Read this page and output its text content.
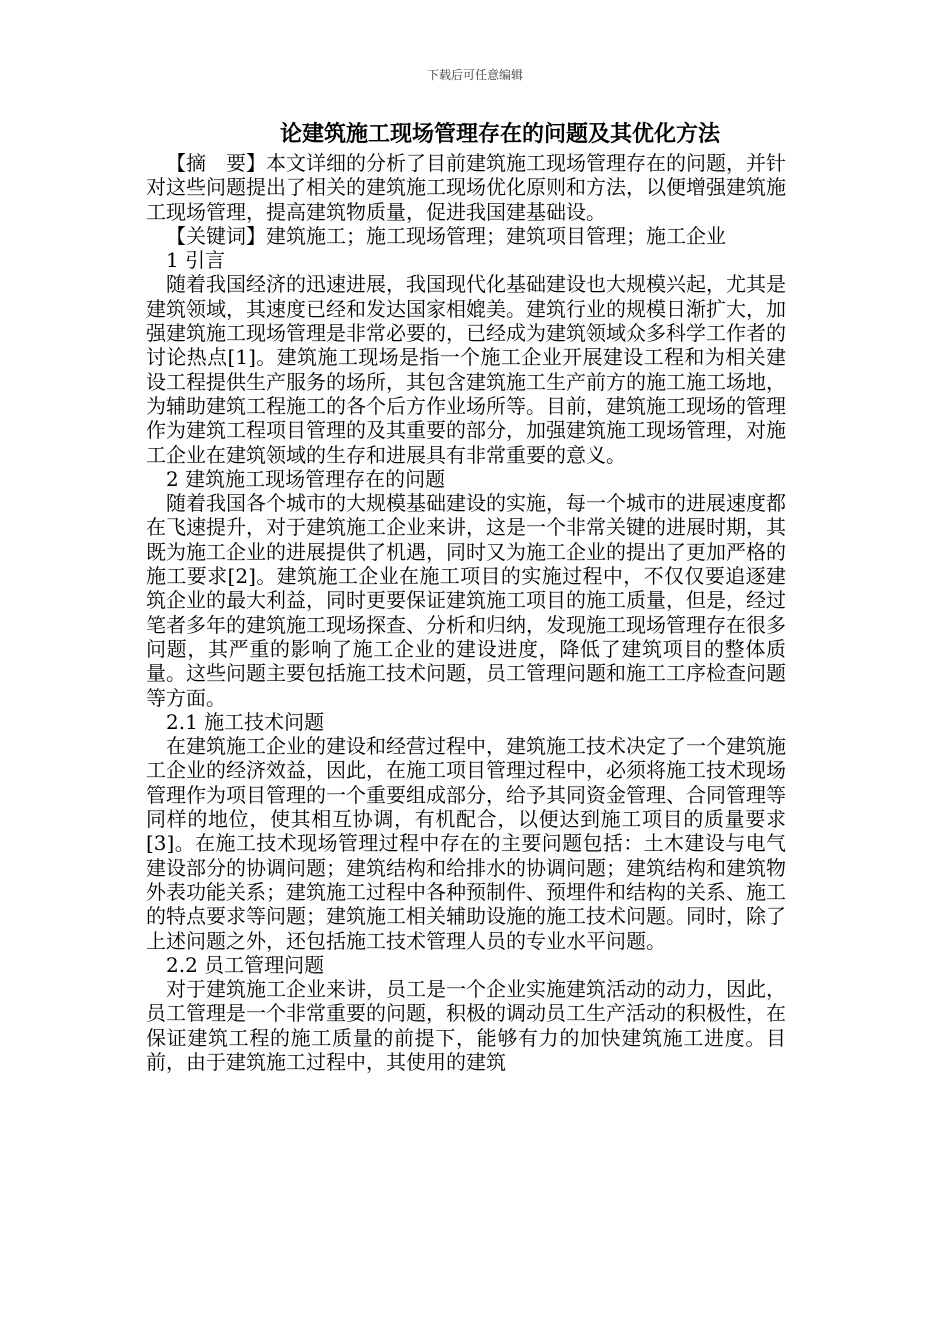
下载后可任意编辑
论建筑施工现场管理存在的问题及其优化方法

【摘　要】本文详细的分析了目前建筑施工现场管理存在的问题，并针对这些问题提出了相关的建筑施工现场优化原则和方法，以便增强建筑施工现场管理，提高建筑物质量，促进我国建基础设。

【关键词】建筑施工；施工现场管理；建筑项目管理；施工企业

1 引言

随着我国经济的迅速进展，我国现代化基础建设也大规模兴起，尤其是建筑领域，其速度已经和发达国家相媲美。建筑行业的规模日渐扩大，加强建筑施工现场管理是非常必要的，已经成为建筑领域众多科学工作者的讨论热点[1]。建筑施工现场是指一个施工企业开展建设工程和为相关建设工程提供生产服务的场所，其包含建筑施工生产前方的施工施工场地，为辅助建筑工程施工的各个后方作业场所等。目前，建筑施工现场的管理作为建筑工程项目管理的及其重要的部分，加强建筑施工现场管理，对施工企业在建筑领域的生存和进展具有非常重要的意义。

2 建筑施工现场管理存在的问题

随着我国各个城市的大规模基础建设的实施，每一个城市的进展速度都在飞速提升，对于建筑施工企业来讲，这是一个非常关键的进展时期，其既为施工企业的进展提供了机遇，同时又为施工企业的提出了更加严格的施工要求[2]。建筑施工企业在施工项目的实施过程中，不仅仅要追逐建筑企业的最大利益，同时更要保证建筑施工项目的施工质量，但是，经过笔者多年的建筑施工现场探查、分析和归纳，发现施工现场管理存在很多问题，其严重的影响了施工企业的建设进度，降低了建筑项目的整体质量。这些问题主要包括施工技术问题，员工管理问题和施工工序检查问题等方面。

2.1 施工技术问题

在建筑施工企业的建设和经营过程中，建筑施工技术决定了一个建筑施工企业的经济效益，因此，在施工项目管理过程中，必须将施工技术现场管理作为项目管理的一个重要组成部分，给予其同资金管理、合同管理等同样的地位，使其相互协调，有机配合，以便达到施工项目的质量要求[3]。在施工技术现场管理过程中存在的主要问题包括：土木建设与电气建设部分的协调问题；建筑结构和给排水的协调问题；建筑结构和建筑物外表功能关系；建筑施工过程中各种预制件、预埋件和结构的关系、施工的特点要求等问题；建筑施工相关辅助设施的施工技术问题。同时，除了上述问题之外，还包括施工技术管理人员的专业水平问题。

2.2 员工管理问题

对于建筑施工企业来讲，员工是一个企业实施建筑活动的动力，因此，员工管理是一个非常重要的问题，积极的调动员工生产活动的积极性，在保证建筑工程的施工质量的前提下，能够有力的加快建筑施工进度。目前，由于建筑施工过程中，其使用的建筑
